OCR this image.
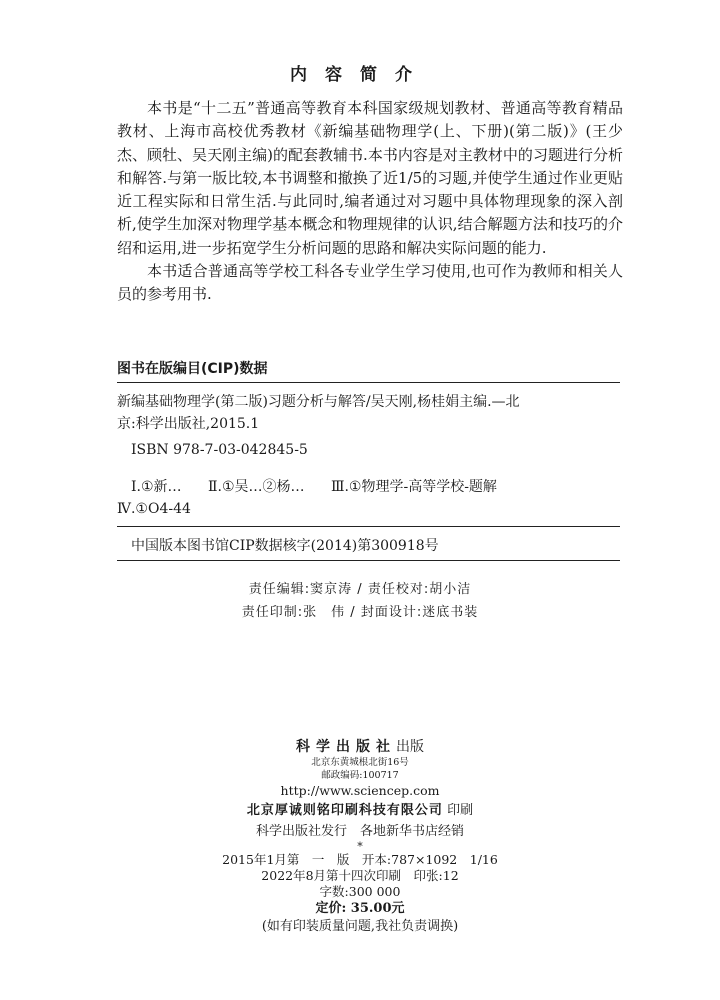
内容简介

本书是“十二五”普通高等教育本科国家级规划教材、普通高等教育精品教材、上海市高校优秀教材《新编基础物理学(上、下册)(第二版)》(王少杰、顾牡、吴天刚主编)的配套教辅书.本书内容是对主教材中的习题进行分析和解答.与第一版比较,本书调整和撤换了近1/5的习题,并使学生通过作业更贴近工程实际和日常生活.与此同时,编者通过对习题中具体物理现象的深入剖析,使学生加深对物理学基本概念和物理规律的认识,结合解题方法和技巧的介绍和运用,进一步拓宽学生分析问题的思路和解决实际问题的能力.

本书适合普通高等学校工科各专业学生学习使用,也可作为教师和相关人员的参考用书.

图书在版编目(CIP)数据
新编基础物理学(第二版)习题分析与解答/吴天刚,杨桂娟主编.—北
京:科学出版社,2015.1
ISBN 978-7-03-042845-5
Ⅰ.①新… Ⅱ.①吴…②杨… Ⅲ.①物理学-高等学校-题解
Ⅳ.①O4-44
中国版本图书馆CIP数据核字(2014)第300918号
责任编辑:窦京涛 / 责任校对:胡小洁
责任印制:张　伟 / 封面设计:迷底书装
科学出版社出版
北京东黄城根北街16号
邮政编码:100717
http://www.sciencep.com
北京厚诚则铭印刷科技有限公司 印刷
科学出版社发行　各地新华书店经销
*
2015年1月第　一　版　开本:787×1092　1/16
2022年8月第十四次印刷　印张:12
字数:300 000
定价: 35.00元
(如有印装质量问题,我社负责调换)
